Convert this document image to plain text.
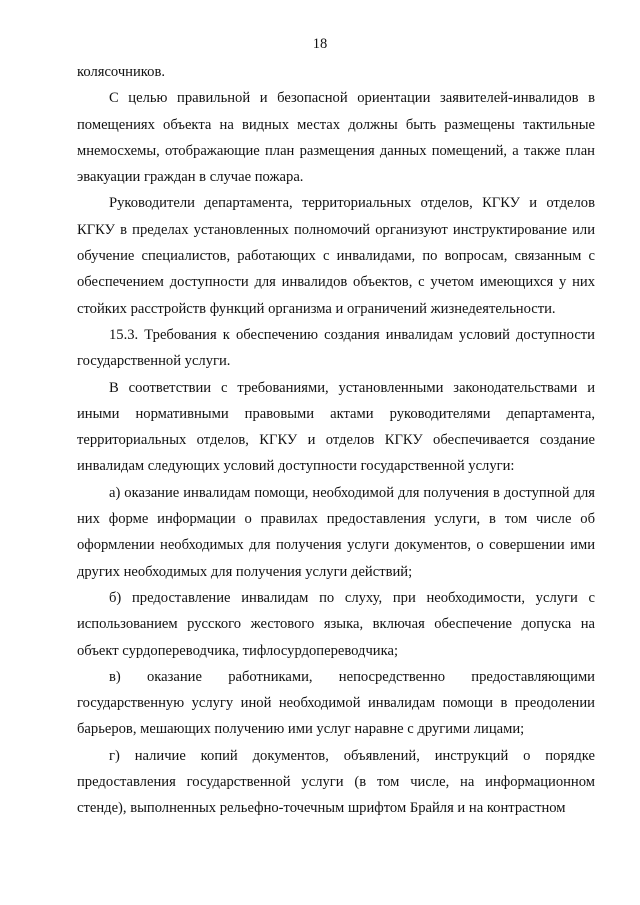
18

колясочников.

С целью правильной и безопасной ориентации заявителей-инвалидов в помещениях объекта на видных местах должны быть размещены тактильные мнемосхемы, отображающие план размещения данных помещений, а также план эвакуации граждан в случае пожара.

Руководители департамента, территориальных отделов, КГКУ и отделов КГКУ в пределах установленных полномочий организуют инструктирование или обучение специалистов, работающих с инвалидами, по вопросам, связанным с обеспечением доступности для инвалидов объектов, с учетом имеющихся у них стойких расстройств функций организма и ограничений жизнедеятельности.

15.3. Требования к обеспечению создания инвалидам условий доступности государственной услуги.

В соответствии с требованиями, установленными законодательствами и иными нормативными правовыми актами руководителями департамента, территориальных отделов, КГКУ и отделов КГКУ обеспечивается создание инвалидам следующих условий доступности государственной услуги:

а) оказание инвалидам помощи, необходимой для получения в доступной для них форме информации о правилах предоставления услуги, в том числе об оформлении необходимых для получения услуги документов, о совершении ими других необходимых для получения услуги действий;

б) предоставление инвалидам по слуху, при необходимости, услуги с использованием русского жестового языка, включая обеспечение допуска на объект сурдопереводчика, тифлосурдопереводчика;

в) оказание работниками, непосредственно предоставляющими государственную услугу иной необходимой инвалидам помощи в преодолении барьеров, мешающих получению ими услуг наравне с другими лицами;

г) наличие копий документов, объявлений, инструкций о порядке предоставления государственной услуги (в том числе, на информационном стенде), выполненных рельефно-точечным шрифтом Брайля и на контрастном
